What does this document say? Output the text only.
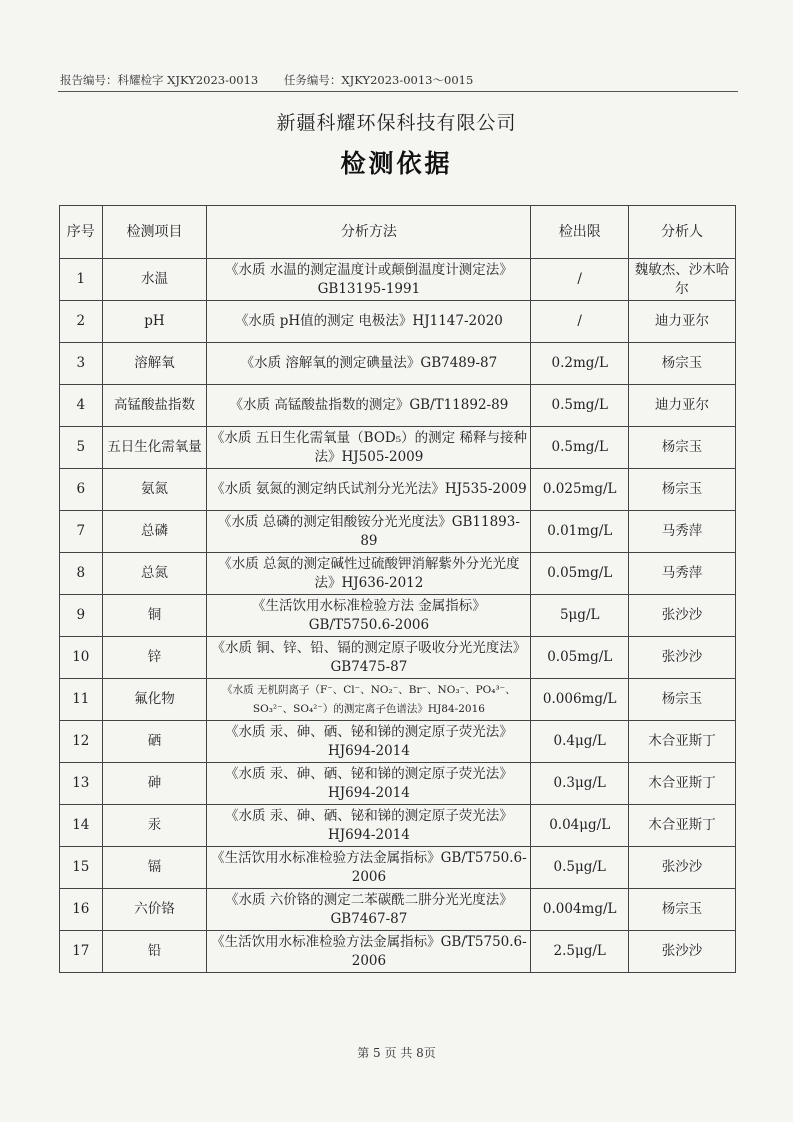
报告编号：科耀检字 XJKY2023-0013 任务编号：XJKY2023-0013～0015
新疆科耀环保科技有限公司
检测依据
序号	检测项目	分析方法	检出限	分析人
1	水温	《水质 水温的测定温度计或颠倒温度计测定法》GB13195-1991	/	魏敏杰、沙木哈尔
2	pH	《水质 pH值的测定 电极法》HJ1147-2020	/	迪力亚尔
3	溶解氧	《水质 溶解氧的测定碘量法》GB7489-87	0.2mg/L	杨宗玉
4	高锰酸盐指数	《水质 高锰酸盐指数的测定》GB/T11892-89	0.5mg/L	迪力亚尔
5	五日生化需氧量	《水质 五日生化需氧量（BOD₅）的测定 稀释与接种法》HJ505-2009	0.5mg/L	杨宗玉
6	氨氮	《水质 氨氮的测定纳氏试剂分光光法》HJ535-2009	0.025mg/L	杨宗玉
7	总磷	《水质 总磷的测定钼酸铵分光光度法》GB11893-89	0.01mg/L	马秀萍
8	总氮	《水质 总氮的测定碱性过硫酸钾消解紫外分光光度法》HJ636-2012	0.05mg/L	马秀萍
9	铜	《生活饮用水标准检验方法 金属指标》GB/T5750.6-2006	5μg/L	张沙沙
10	锌	《水质 铜、锌、铅、镉的测定原子吸收分光光度法》GB7475-87	0.05mg/L	张沙沙
11	氟化物	《水质 无机阴离子（F⁻、Cl⁻、NO₂⁻、Br⁻、NO₃⁻、PO₄³⁻、SO₃²⁻、SO₄²⁻）的测定离子色谱法》HJ84-2016	0.006mg/L	杨宗玉
12	硒	《水质 汞、砷、硒、铋和锑的测定原子荧光法》HJ694-2014	0.4μg/L	木合亚斯丁
13	砷	《水质 汞、砷、硒、铋和锑的测定原子荧光法》HJ694-2014	0.3μg/L	木合亚斯丁
14	汞	《水质 汞、砷、硒、铋和锑的测定原子荧光法》HJ694-2014	0.04μg/L	木合亚斯丁
15	镉	《生活饮用水标准检验方法金属指标》GB/T5750.6-2006	0.5μg/L	张沙沙
16	六价铬	《水质 六价铬的测定二苯碳酰二肼分光光度法》GB7467-87	0.004mg/L	杨宗玉
17	铅	《生活饮用水标准检验方法金属指标》GB/T5750.6-2006	2.5μg/L	张沙沙
第 5 页 共 8页
